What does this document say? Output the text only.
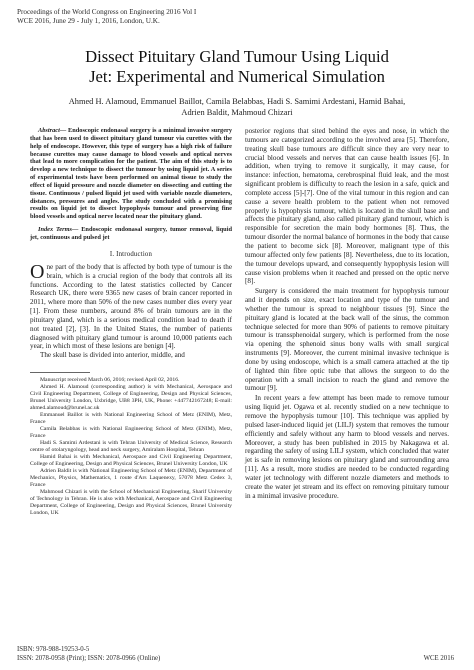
Proceedings of the World Congress on Engineering 2016 Vol I
WCE 2016, June 29 - July 1, 2016, London, U.K.
Dissect Pituitary Gland Tumour Using Liquid
Jet: Experimental and Numerical Simulation
Ahmed H. Alamoud, Emmanuel Baillot, Camila Belabbas, Hadi S. Samimi Ardestani, Hamid Bahai,
Adrien Baldit, Mahmoud Chizari

Abstract— Endoscopic endonasal surgery is a minimal invasive surgery that has been used to dissect pituitary gland tumour via curettes with the help of endoscope. However, this type of surgery has a high risk of failure because curettes may cause damage to blood vessels and optical nerves that lead to more complication for the patient. The aim of this study is to develop a new technique to dissect the tumour by using liquid jet. A series of experimental tests have been performed on animal tissue to study the effect of liquid pressure and nozzle diameter on dissecting and cutting the tissue. Continuous / pulsed liquid jet used with variable nozzle diameters, distances, pressures and angles. The study concluded with a promising results on liquid jet to dissect hypophysis tumour and preserving fine blood vessels and optical nerve located near the pituitary gland.

Index Terms— Endoscopic endonasal surgery, tumor removal, liquid jet, continuous and pulsed jet

I. Introduction

One part of the body that is affected by both type of tumour is the brain, which is a crucial region of the body that controls all its functions. According to the latest statistics collected by Cancer Research UK, there were 9365 new cases of brain cancer reported in 2011, where more than 50% of the new cases number dies every year [1]. From these numbers, around 8% of brain tumours are in the pituitary gland, which is a serious medical condition lead to death if not treated [2], [3]. In the United States, the number of patients diagnosed with pituitary gland tumour is around 10,000 patients each year, in which most of these lesions are benign [4].

The skull base is divided into anterior, middle, and

Manuscript received March 06, 2016; revised April 02, 2016.

Ahmed H. Alamoud (corresponding author) is with Mechanical, Aerospace and Civil Engineering Department, College of Engineering, Design and Physical Sciences, Brunel University London, Uxbridge, UB8 3PH, UK, Phone: +447742167248; E-mail: ahmed.alamoud@brunel.ac.uk

Emmanuel Baillot is with National Engineering School of Metz (ENIM), Metz, France

Camila Belabbas is with National Engineering School of Metz (ENIM), Metz, France

Hadi S. Samimi Ardestani is with Tehran University of Medical Science, Research centre of otolaryngology, head and neck surgery, Amiralam Hospital, Tehran

Hamid Bahai is with Mechanical, Aerospace and Civil Engineering Department, College of Engineering, Design and Physical Sciences, Brunel University London, UK

Adrien Baldit is with National Engineering School of Metz (ENIM), Department of Mechanics, Physics, Mathematics, 1 route d'Ars Laquenexy, 57078 Metz Cedex 3, France

Mahmoud Chizari is with the School of Mechanical Engineering, Sharif University of Technology in Tehran. He is also with Mechanical, Aerospace and Civil Engineering Department, College of Engineering, Design and Physical Sciences, Brunel University London, UK

posterior regions that sited behind the eyes and nose, in which the tumours are categorized according to the involved area [5]. Therefore, treating skull base tumours are difficult since they are very near to crucial blood vessels and nerves that can cause health issues [6]. In addition, when trying to remove it surgically, it may cause, for instance: infection, hematoma, cerebrospinal fluid leak, and the most significant problem is difficulty to reach the lesion in a safe, quick and complete access [5]-[7]. One of the vital tumour in this region and can cause a severe health problem to the patient when not removed properly is hypophysis tumour, which is located in the skull base and affects the pituitary gland, also called pituitary gland tumour, which is responsible for secretion the main body hormones [8]. Thus, the tumour disorder the normal balance of hormones in the body that cause the patient to become sick [8]. Moreover, malignant type of this tumour affected only few patients [8]. Nevertheless, due to its location, the tumour develops upward, and consequently hypophysis lesion will cause vision problems when it reached and pressed on the optic nerve [8].

Surgery is considered the main treatment for hypophysis tumour and it depends on size, exact location and type of the tumour and whether the tumour is spread to neighbour tissues [9]. Since the pituitary gland is located at the back wall of the sinus, the common technique selected for more than 90% of patients to remove pituitary tumour is transsphenoidal surgery, which is performed from the nose via opening the sphenoid sinus bony walls with small surgical instruments [9]. Moreover, the current minimal invasive technique is done by using endoscope, which is a small camera attached at the tip of lighted thin fibre optic tube that allows the surgeon to do the operation with a small incision to reach the gland and remove the tumour [9].

In recent years a few attempt has been made to remove tumour using liquid jet. Ogawa et al. recently studied on a new technique to remove the hypophysis tumour [10]. This technique was applied by pulsed laser-induced liquid jet (LILJ) system that removes the tumour efficiently and safely without any harm to blood vessels and nerves. Moreover, a study has been published in 2015 by Nakagawa et al. regarding the safety of using LILJ system, which concluded that water jet is safe in removing lesions on pituitary gland and surrounding area [11]. As a result, more studies are needed to be conducted regarding water jet technology with different nozzle diameters and methods to create the water jet stream and its effect on removing pituitary tumour in a minimal invasive procedure.

ISBN: 978-988-19253-0-5
ISSN: 2078-0958 (Print); ISSN: 2078-0966 (Online)	WCE 2016
